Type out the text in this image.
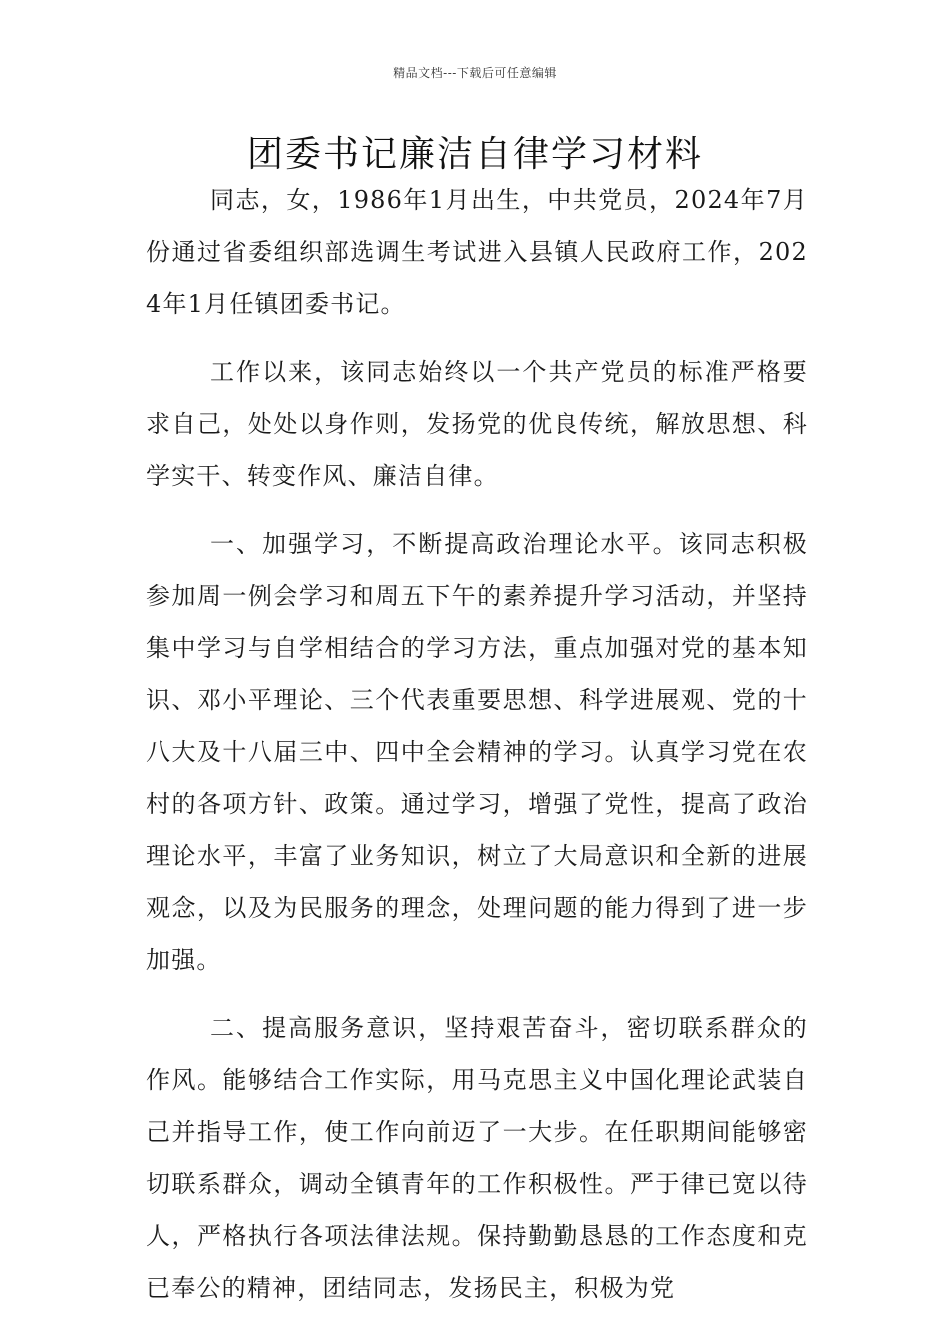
精品文档---下载后可任意编辑
团委书记廉洁自律学习材料

同志，女，1986年1月出生，中共党员，2024年7月份通过省委组织部选调生考试进入县镇人民政府工作，2024年1月任镇团委书记。

工作以来，该同志始终以一个共产党员的标准严格要求自己，处处以身作则，发扬党的优良传统，解放思想、科学实干、转变作风、廉洁自律。

一、加强学习，不断提高政治理论水平。该同志积极参加周一例会学习和周五下午的素养提升学习活动，并坚持集中学习与自学相结合的学习方法，重点加强对党的基本知识、邓小平理论、三个代表重要思想、科学进展观、党的十八大及十八届三中、四中全会精神的学习。认真学习党在农村的各项方针、政策。通过学习，增强了党性，提高了政治理论水平，丰富了业务知识，树立了大局意识和全新的进展观念，以及为民服务的理念，处理问题的能力得到了进一步加强。

二、提高服务意识，坚持艰苦奋斗，密切联系群众的作风。能够结合工作实际，用马克思主义中国化理论武装自己并指导工作，使工作向前迈了一大步。在任职期间能够密切联系群众，调动全镇青年的工作积极性。严于律已宽以待人，严格执行各项法律法规。保持勤勤恳恳的工作态度和克已奉公的精神，团结同志，发扬民主，积极为党
